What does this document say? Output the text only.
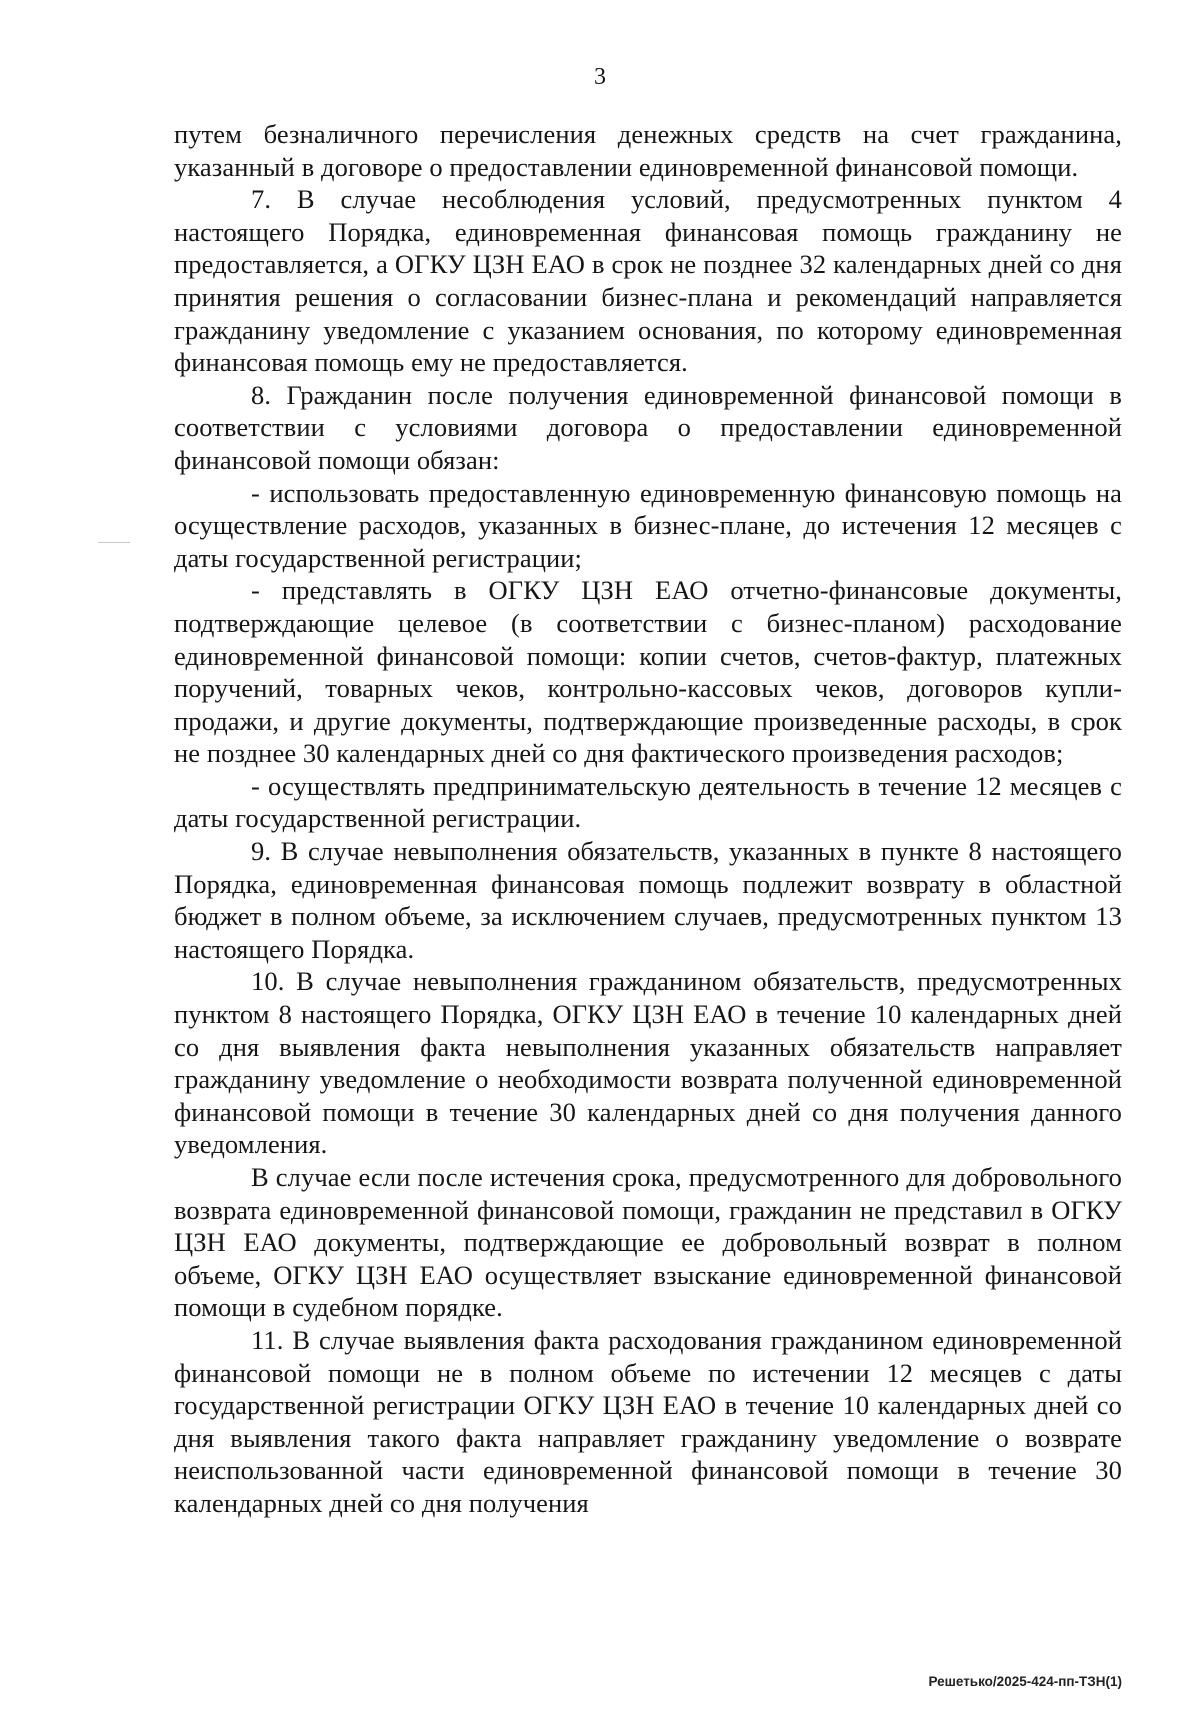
3

путем безналичного перечисления денежных средств на счет гражданина, указанный в договоре о предоставлении единовременной финансовой помощи.

7. В случае несоблюдения условий, предусмотренных пунктом 4 настоящего Порядка, единовременная финансовая помощь гражданину не предоставляется, а ОГКУ ЦЗН ЕАО в срок не позднее 32 календарных дней со дня принятия решения о согласовании бизнес-плана и рекомендаций направляется гражданину уведомление с указанием основания, по которому единовременная финансовая помощь ему не предоставляется.

8. Гражданин после получения единовременной финансовой помощи в соответствии с условиями договора о предоставлении единовременной финансовой помощи обязан:

- использовать предоставленную единовременную финансовую помощь на осуществление расходов, указанных в бизнес-плане, до истечения 12 месяцев с даты государственной регистрации;

- представлять в ОГКУ ЦЗН ЕАО отчетно-финансовые документы, подтверждающие целевое (в соответствии с бизнес-планом) расходование единовременной финансовой помощи: копии счетов, счетов-фактур, платежных поручений, товарных чеков, контрольно-кассовых чеков, договоров купли-продажи, и другие документы, подтверждающие произведенные расходы, в срок не позднее 30 календарных дней со дня фактического произведения расходов;

- осуществлять предпринимательскую деятельность в течение 12 месяцев с даты государственной регистрации.

9. В случае невыполнения обязательств, указанных в пункте 8 настоящего Порядка, единовременная финансовая помощь подлежит возврату в областной бюджет в полном объеме, за исключением случаев, предусмотренных пунктом 13 настоящего Порядка.

10. В случае невыполнения гражданином обязательств, предусмотренных пунктом 8 настоящего Порядка, ОГКУ ЦЗН ЕАО в течение 10 календарных дней со дня выявления факта невыполнения указанных обязательств направляет гражданину уведомление о необходимости возврата полученной единовременной финансовой помощи в течение 30 календарных дней со дня получения данного уведомления.

В случае если после истечения срока, предусмотренного для добровольного возврата единовременной финансовой помощи, гражданин не представил в ОГКУ ЦЗН ЕАО документы, подтверждающие ее добровольный возврат в полном объеме, ОГКУ ЦЗН ЕАО осуществляет взыскание единовременной финансовой помощи в судебном порядке.

11. В случае выявления факта расходования гражданином единовременной финансовой помощи не в полном объеме по истечении 12 месяцев с даты государственной регистрации ОГКУ ЦЗН ЕАО в течение 10 календарных дней со дня выявления такого факта направляет гражданину уведомление о возврате неиспользованной части единовременной финансовой помощи в течение 30 календарных дней со дня получения

Решетько/2025-424-пп-ТЗН(1)
